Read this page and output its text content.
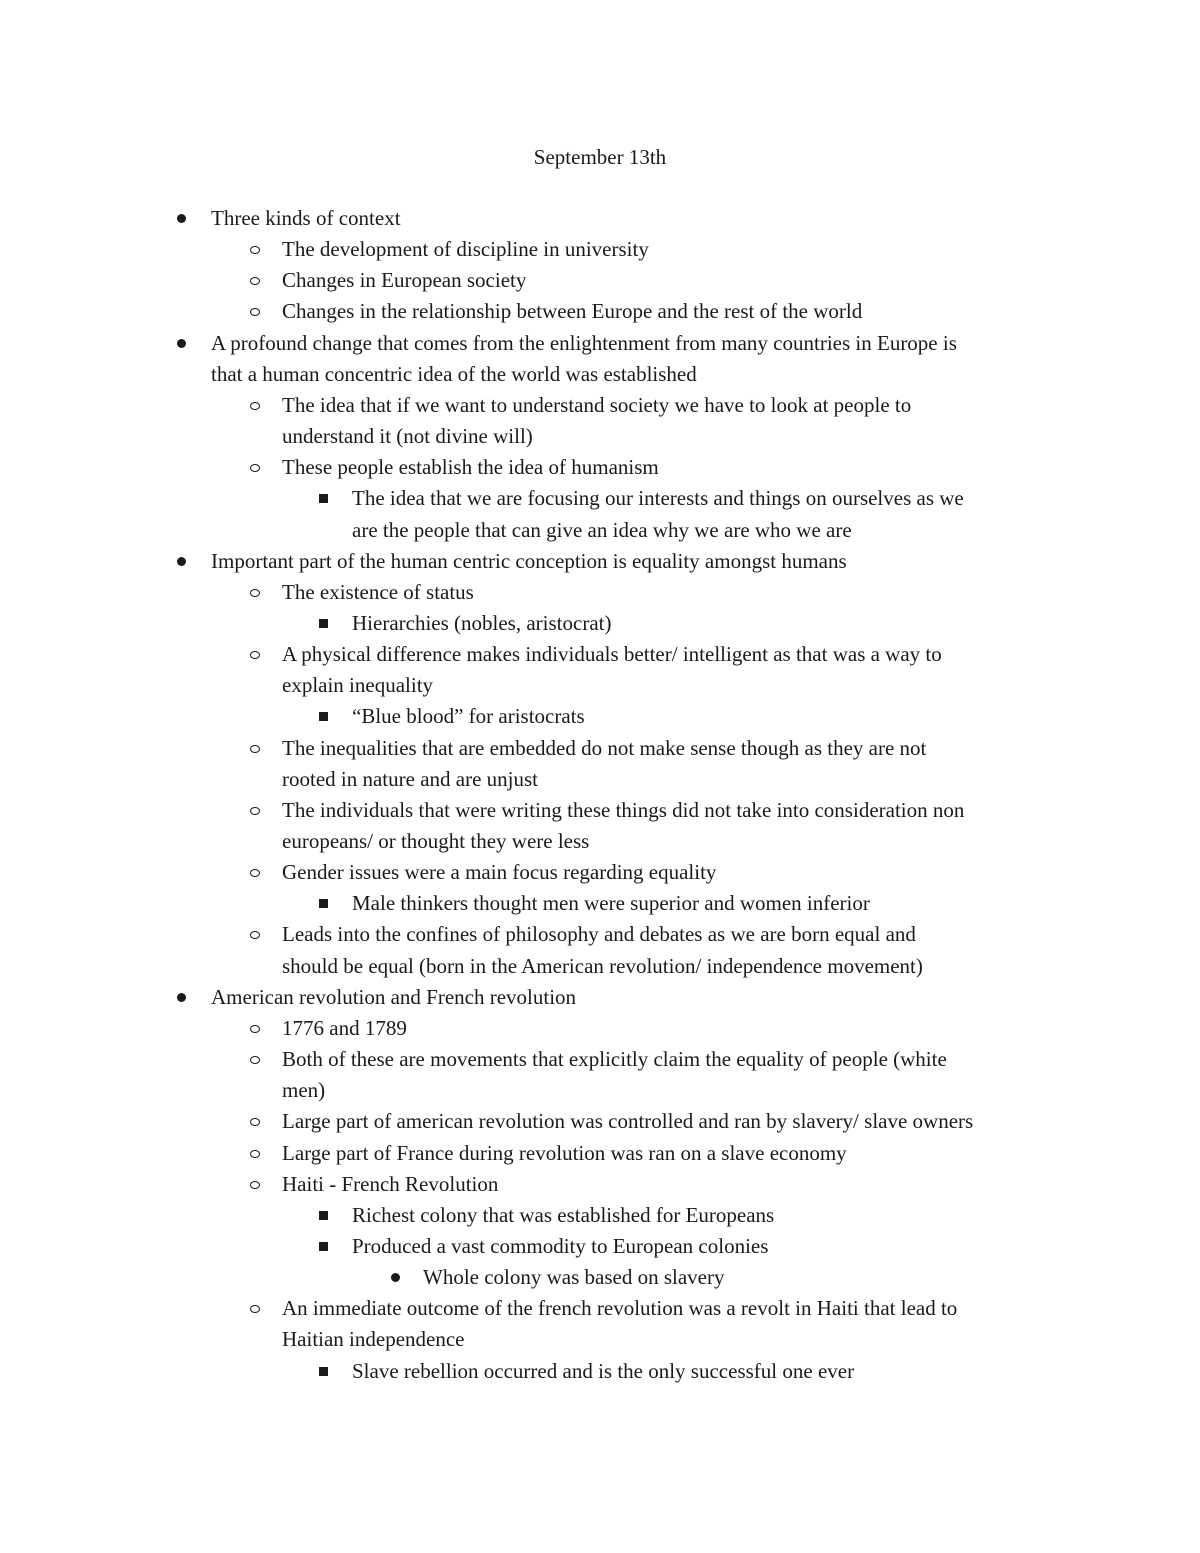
September 13th
Three kinds of context
The development of discipline in university
Changes in European society
Changes in the relationship between Europe and the rest of the world
A profound change that comes from the enlightenment from many countries in Europe is
that a human concentric idea of the world was established
The idea that if we want to understand society we have to look at people to
understand it (not divine will)
These people establish the idea of humanism
The idea that we are focusing our interests and things on ourselves as we
are the people that can give an idea why we are who we are
Important part of the human centric conception is equality amongst humans
The existence of status
Hierarchies (nobles, aristocrat)
A physical difference makes individuals better/ intelligent as that was a way to
explain inequality
“Blue blood” for aristocrats
The inequalities that are embedded do not make sense though as they are not
rooted in nature and are unjust
The individuals that were writing these things did not take into consideration non
europeans/ or thought they were less
Gender issues were a main focus regarding equality
Male thinkers thought men were superior and women inferior
Leads into the confines of philosophy and debates as we are born equal and
should be equal (born in the American revolution/ independence movement)
American revolution and French revolution
1776 and 1789
Both of these are movements that explicitly claim the equality of people (white
men)
Large part of american revolution was controlled and ran by slavery/ slave owners
Large part of France during revolution was ran on a slave economy
Haiti - French Revolution
Richest colony that was established for Europeans
Produced a vast commodity to European colonies
Whole colony was based on slavery
An immediate outcome of the french revolution was a revolt in Haiti that lead to
Haitian independence
Slave rebellion occurred and is the only successful one ever
